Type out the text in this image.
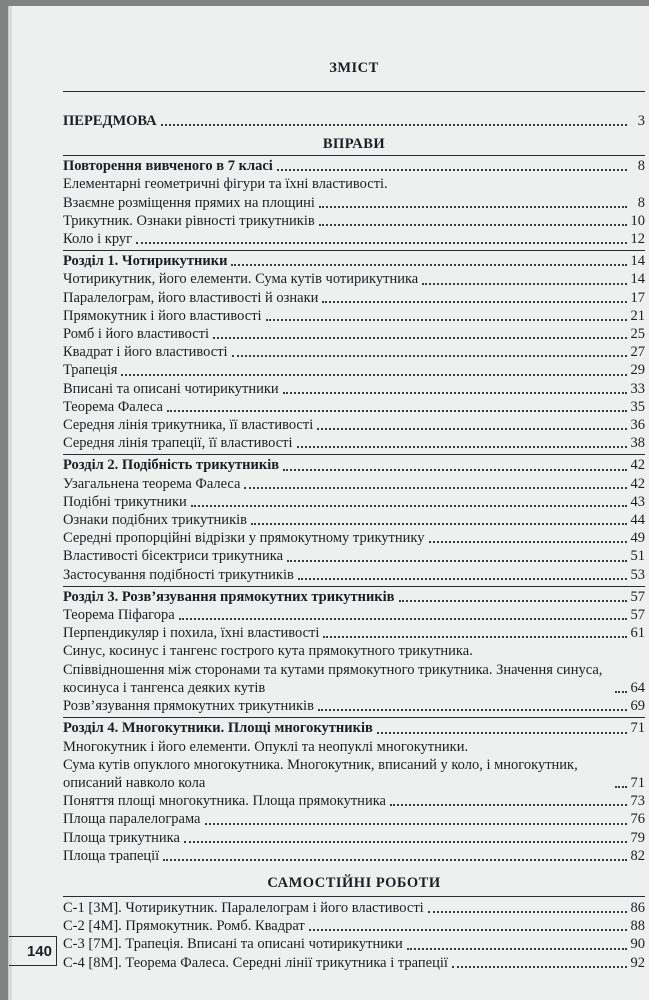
ЗМІСТ
ПЕРЕДМОВА	3
ВПРАВИ
Повторення вивченого в 7 класі	8
Елементарні геометричні фігури та їхні властивості.
Взаємне розміщення прямих на площині	8
Трикутник. Ознаки рівності трикутників	10
Коло і круг	12
Розділ 1. Чотирикутники	14
Чотирикутник, його елементи. Сума кутів чотирикутника	14
Паралелограм, його властивості й ознаки	17
Прямокутник і його властивості	21
Ромб і його властивості	25
Квадрат і його властивості	27
Трапеція	29
Вписані та описані чотирикутники	33
Теорема Фалеса	35
Середня лінія трикутника, її властивості	36
Середня лінія трапеції, її властивості	38
Розділ 2. Подібність трикутників	42
Узагальнена теорема Фалеса	42
Подібні трикутники	43
Ознаки подібних трикутників	44
Середні пропорційні відрізки у прямокутному трикутнику	49
Властивості бісектриси трикутника	51
Застосування подібності трикутників	53
Розділ 3. Розв’язування прямокутних трикутників	57
Теорема Піфагора	57
Перпендикуляр і похила, їхні властивості	61
Синус, косинус і тангенс гострого кута прямокутного трикутника.
Співвідношення між сторонами та кутами прямокутного трикутника. Значення синуса, косинуса і тангенса деяких кутів	64
Розв’язування прямокутних трикутників	69
Розділ 4. Многокутники. Площі многокутників	71
Многокутник і його елементи. Опуклі та неопуклі многокутники.
Сума кутів опуклого многокутника. Многокутник, вписаний у коло, і многокутник, описаний навколо кола	71
Поняття площі многокутника. Площа прямокутника	73
Площа паралелограма	76
Площа трикутника	79
Площа трапеції	82
САМОСТІЙНІ РОБОТИ
С-1 [3М]. Чотирикутник. Паралелограм і його властивості	86
С-2 [4М]. Прямокутник. Ромб. Квадрат	88
С-3 [7М]. Трапеція. Вписані та описані чотирикутники	90
С-4 [8М]. Теорема Фалеса. Середні лінії трикутника і трапеції	92
140
